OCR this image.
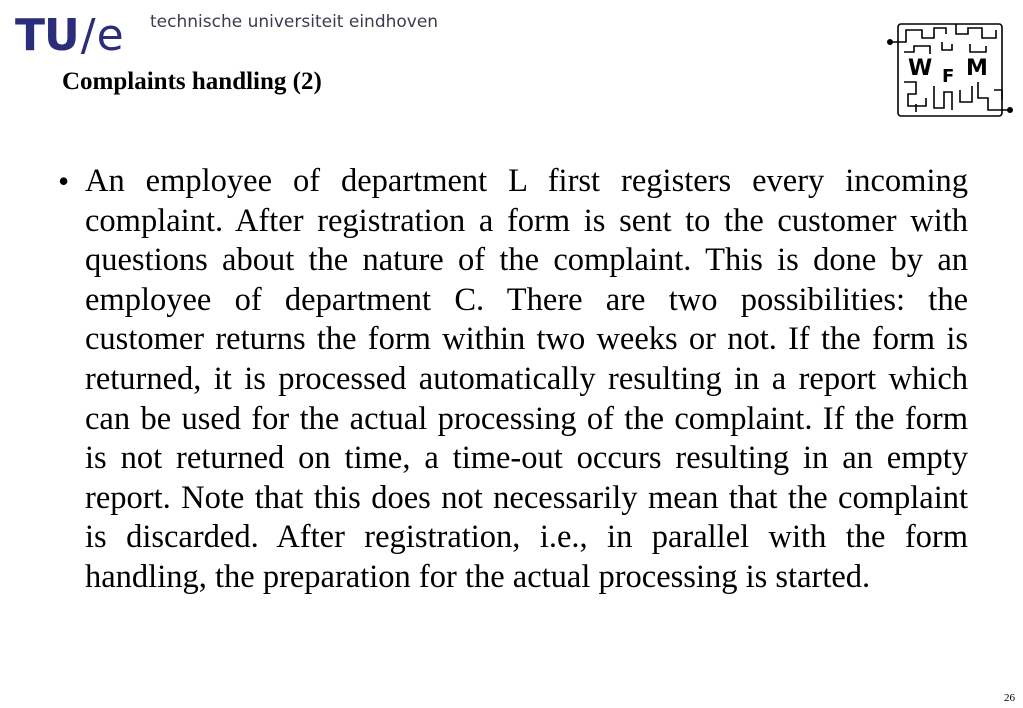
TU/e technische universiteit eindhoven
Complaints handling (2)	W F M
• An employee of department L first registers every incoming complaint. After registration a form is sent to the customer with questions about the nature of the complaint. This is done by an employee of department C. There are two possibilities: the customer returns the form within two weeks or not. If the form is returned, it is processed automatically resulting in a report which can be used for the actual processing of the complaint. If the form is not returned on time, a time-out occurs resulting in an empty report. Note that this does not necessarily mean that the complaint is discarded. After registration, i.e., in parallel with the form handling, the preparation for the actual processing is started.
26
